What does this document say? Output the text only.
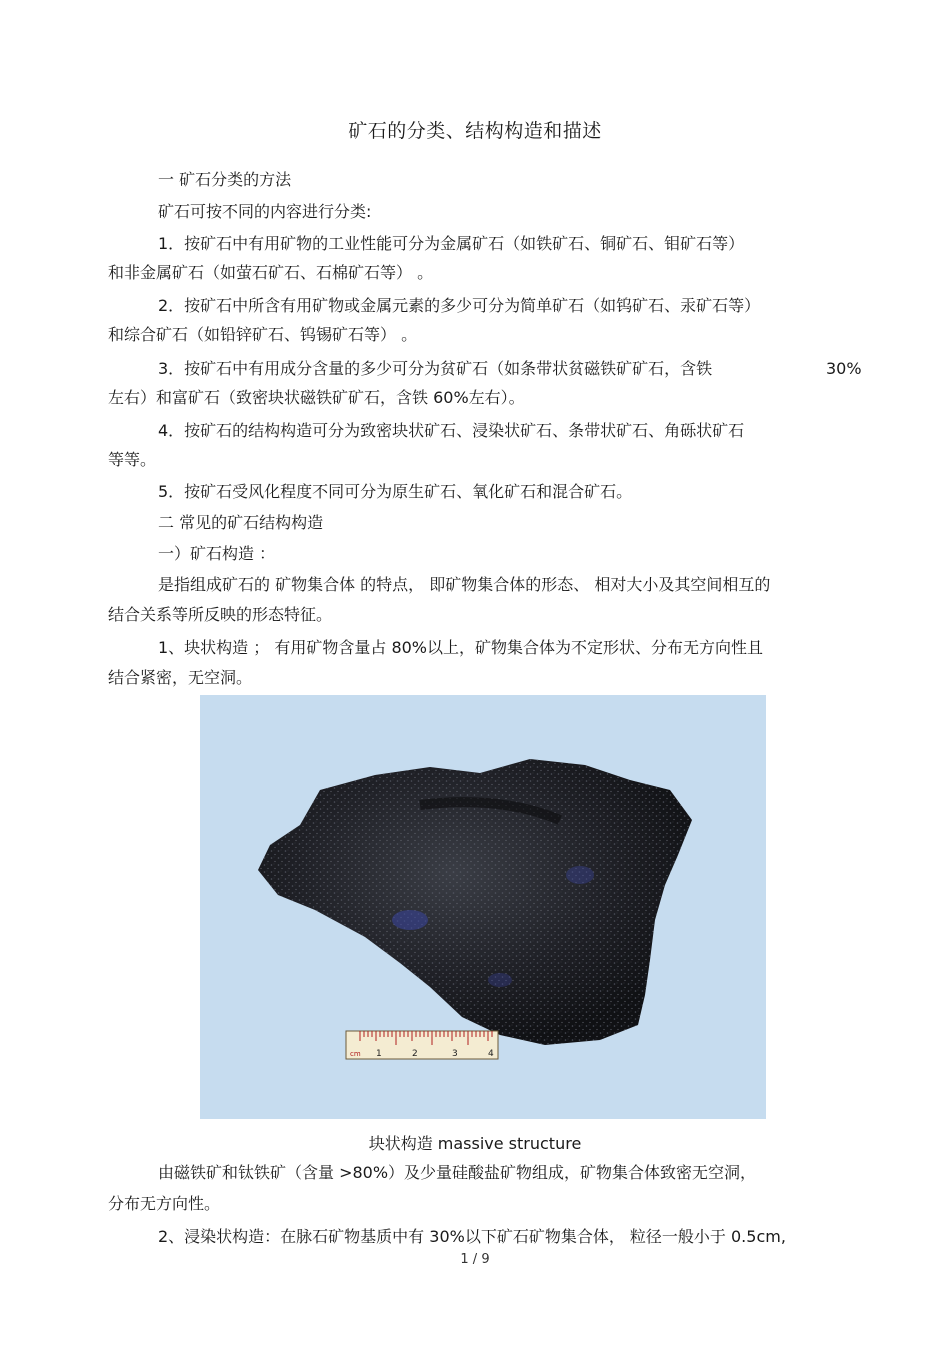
矿石的分类、结构构造和描述
一 矿石分类的方法
矿石可按不同的内容进行分类:
1．按矿石中有用矿物的工业性能可分为金属矿石（如铁矿石、铜矿石、钼矿石等）
和非金属矿石（如萤石矿石、石棉矿石等） 。
2．按矿石中所含有用矿物或金属元素的多少可分为简单矿石（如钨矿石、汞矿石等）
和综合矿石（如铅锌矿石、钨锡矿石等） 。
3．按矿石中有用成分含量的多少可分为贫矿石（如条带状贫磁铁矿矿石，含铁	30%
左右）和富矿石（致密块状磁铁矿矿石，含铁 60%左右）。
4．按矿石的结构构造可分为致密块状矿石、浸染状矿石、条带状矿石、角砾状矿石
等等。
5．按矿石受风化程度不同可分为原生矿石、氧化矿石和混合矿石。
二 常见的矿石结构构造
一）矿石构造 ：
是指组成矿石的 矿物集合体 的特点， 即矿物集合体的形态、 相对大小及其空间相互的
结合关系等所反映的形态特征。
1、块状构造 ； 有用矿物含量占 80%以上，矿物集合体为不定形状、分布无方向性且
结合紧密，无空洞。
cm 1	2	3	4
块状构造 massive structure
由磁铁矿和钛铁矿（含量 >80%）及少量硅酸盐矿物组成，矿物集合体致密无空洞，
分布无方向性。
2、浸染状构造：在脉石矿物基质中有 30%以下矿石矿物集合体， 粒径一般小于 0.5cm,
1 / 9
